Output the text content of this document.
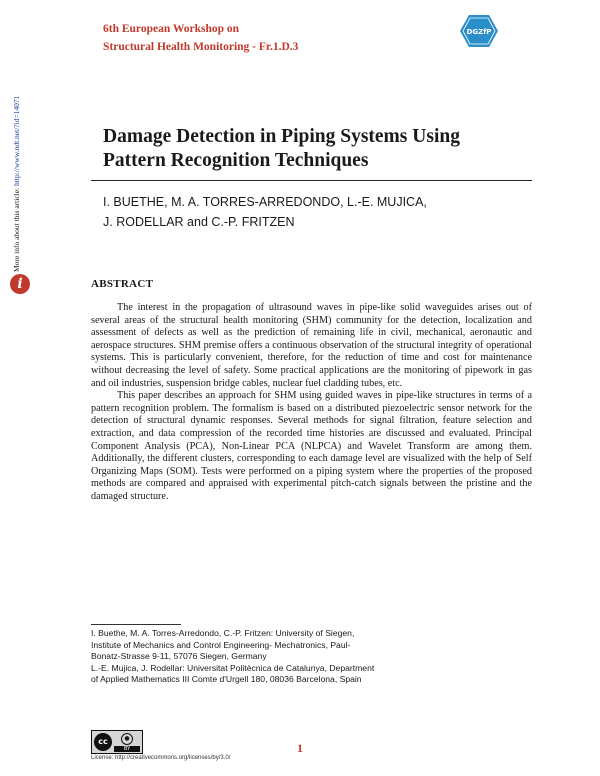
6th European Workshop on
Structural Health Monitoring - Fr.1.D.3
DGZfP
More info about this article: http://www.ndt.net/?id=14071
i
Damage Detection in Piping Systems Using
Pattern Recognition Techniques
I. BUETHE, M. A. TORRES-ARREDONDO, L.-E. MUJICA,
J. RODELLAR and C.-P. FRITZEN
ABSTRACT

The interest in the propagation of ultrasound waves in pipe-like solid waveguides arises out of several areas of the structural health monitoring (SHM) community for the detection, localization and assessment of defects as well as the prediction of remaining life in civil, mechanical, aeronautic and aerospace structures. SHM premise offers a continuous observation of the structural integrity of operational systems. This is particularly convenient, therefore, for the reduction of time and cost for maintenance without decreasing the level of safety. Some practical applications are the monitoring of pipework in gas and oil industries, suspension bridge cables, nuclear fuel cladding tubes, etc.

This paper describes an approach for SHM using guided waves in pipe-like structures in terms of a pattern recognition problem. The formalism is based on a distributed piezoelectric sensor network for the detection of structural dynamic responses. Several methods for signal filtration, feature selection and extraction, and data compression of the recorded time histories are discussed and evaluated. Principal Component Analysis (PCA), Non-Linear PCA (NLPCA) and Wavelet Transform are among them. Additionally, the different clusters, corresponding to each damage level are visualized with the help of Self Organizing Maps (SOM). Tests were performed on a piping system where the properties of the proposed methods are compared and appraised with experimental pitch-catch signals between the pristine and the damaged structure.

I. Buethe, M. A. Torres-Arredondo, C.-P. Fritzen: University of Siegen,
Institute of Mechanics and Control Engineering- Mechatronics, Paul-
Bonatz-Strasse 9-11, 57076 Siegen, Germany
L.-E. Mujica, J. Rodellar: Universitat Politècnica de Catalunya, Department
of Applied Mathematics III Comte d'Urgell 180, 08036 Barcelona, Spain
cc	●
BY
License: http://creativecommons.org/licenses/by/3.0/
1
